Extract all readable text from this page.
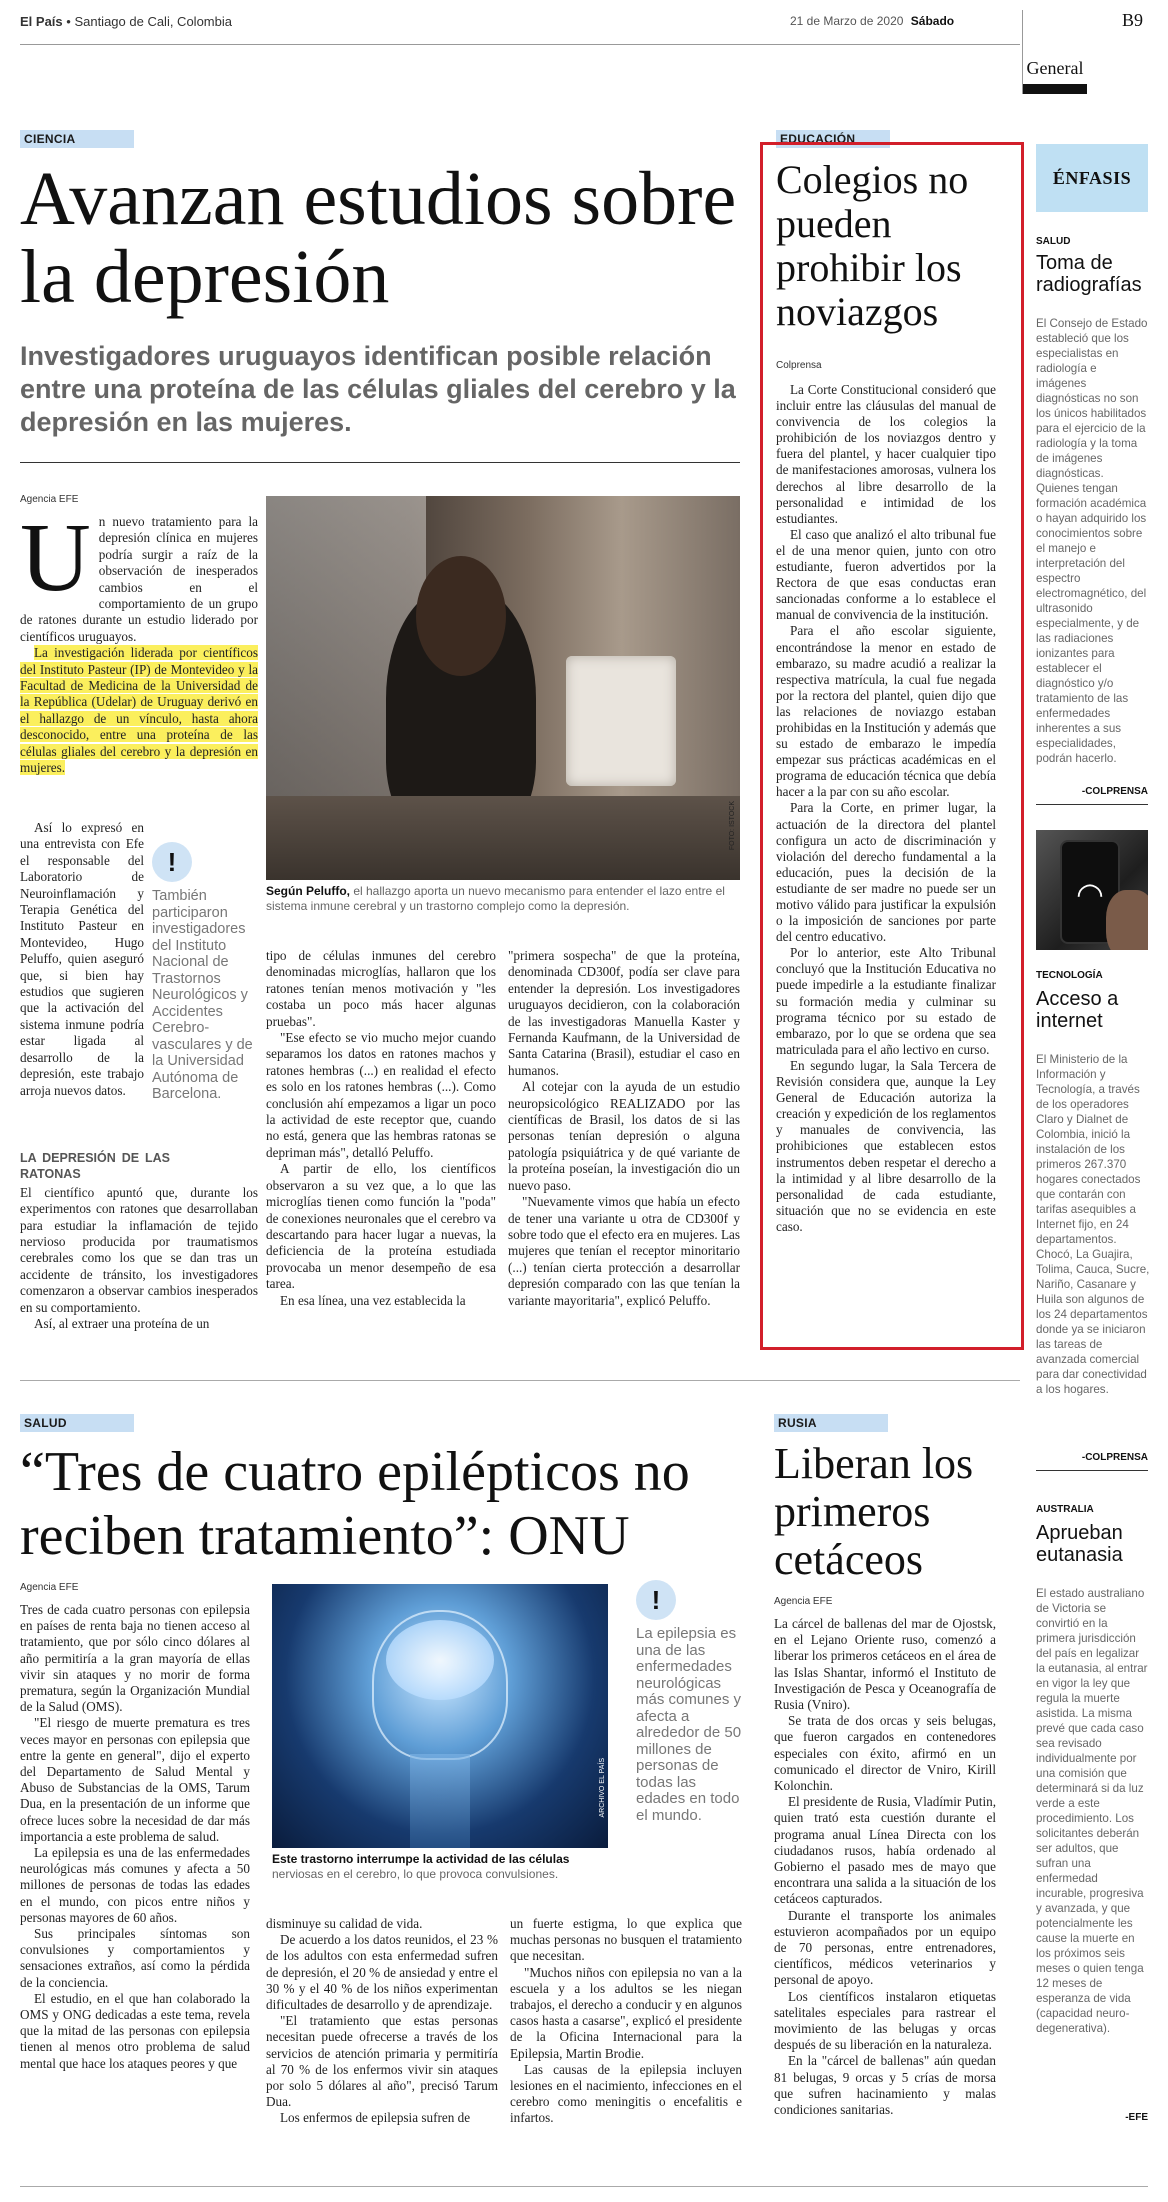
El País • Santiago de Cali, Colombia	21 de Marzo de 2020 Sábado	B9
General
CIENCIA
Avanzan estudios sobre la depresión
Investigadores uruguayos identifican posible relación entre una proteína de las células gliales del cerebro y la depresión en las mujeres.
Agencia EFE
U n nuevo tratamiento para la depresión clínica en mujeres podría surgir a raíz de la observación de inesperados cambios en el comportamiento de un grupo de ratones durante un estudio liderado por científicos uruguayos.

La investigación liderada por científicos del Instituto Pasteur (IP) de Montevideo y la Facultad de Medicina de la Universidad de la República (Udelar) de Uruguay derivó en el hallazgo de un vínculo, hasta ahora desconocido, entre una proteína de las células gliales del cerebro y la depresión en mujeres.

Así lo expresó en una entrevista con Efe el responsable del Laboratorio de Neuroinflamación y Terapia Genética del Instituto Pasteur en Montevideo, Hugo Peluffo, quien aseguró que, si bien hay estudios que sugieren que la activación del sistema inmune podría estar ligada al desarrollo de la depresión, este trabajo arroja nuevos datos.

!
También participaron investigadores del Instituto Nacional de Trastornos Neurológicos y Accidentes Cerebro-vasculares y de la Universidad Autónoma de Barcelona.
LA DEPRESIÓN DE LAS RATONAS

El científico apuntó que, durante los experimentos con ratones que desarrollaban para estudiar la inflamación de tejido nervioso producida por traumatismos cerebrales como los que se dan tras un accidente de tránsito, los investigadores comenzaron a observar cambios inesperados en su comportamiento.

Así, al extraer una proteína de un

FOTO: ISTOCK
Según Peluffo, el hallazgo aporta un nuevo mecanismo para entender el lazo entre el sistema inmune cerebral y un trastorno complejo como la depresión.

tipo de células inmunes del cerebro denominadas microglías, hallaron que los ratones tenían menos motivación y "les costaba un poco más hacer algunas pruebas".

"Ese efecto se vio mucho mejor cuando separamos los datos en ratones machos y ratones hembras (...) en realidad el efecto es solo en los ratones hembras (...). Como conclusión ahí empezamos a ligar un poco la actividad de este receptor que, cuando no está, genera que las hembras ratonas se depriman más", detalló Peluffo.

A partir de ello, los científicos observaron a su vez que, a lo que las microglías tienen como función la "poda" de conexiones neuronales que el cerebro va descartando para hacer lugar a nuevas, la deficiencia de la proteína estudiada provocaba un menor desempeño de esa tarea.

En esa línea, una vez establecida la

"primera sospecha" de que la proteína, denominada CD300f, podía ser clave para entender la depresión. Los investigadores uruguayos decidieron, con la colaboración de las investigadoras Manuella Kaster y Fernanda Kaufmann, de la Universidad de Santa Catarina (Brasil), estudiar el caso en humanos.

Al cotejar con la ayuda de un estudio neuropsicológico REALIZADO por las científicas de Brasil, los datos de si las personas tenían depresión o alguna patología psiquiátrica y de qué variante de la proteína poseían, la investigación dio un nuevo paso.

"Nuevamente vimos que había un efecto de tener una variante u otra de CD300f y sobre todo que el efecto era en mujeres. Las mujeres que tenían el receptor minoritario (...) tenían cierta protección a desarrollar depresión comparado con las que tenían la variante mayoritaria", explicó Peluffo.

EDUCACIÓN
Colegios no pueden prohibir los noviazgos
Colprensa

La Corte Constitucional consideró que incluir entre las cláusulas del manual de convivencia de los colegios la prohibición de los noviazgos dentro y fuera del plantel, y hacer cualquier tipo de manifestaciones amorosas, vulnera los derechos al libre desarrollo de la personalidad e intimidad de los estudiantes.

El caso que analizó el alto tribunal fue el de una menor quien, junto con otro estudiante, fueron advertidos por la Rectora de que esas conductas eran sancionadas conforme a lo establece el manual de convivencia de la institución.

Para el año escolar siguiente, encontrándose la menor en estado de embarazo, su madre acudió a realizar la respectiva matrícula, la cual fue negada por la rectora del plantel, quien dijo que las relaciones de noviazgo estaban prohibidas en la Institución y además que su estado de embarazo le impedía empezar sus prácticas académicas en el programa de educación técnica que debía hacer a la par con su año escolar.

Para la Corte, en primer lugar, la actuación de la directora del plantel configura un acto de discriminación y violación del derecho fundamental a la educación, pues la decisión de la estudiante de ser madre no puede ser un motivo válido para justificar la expulsión o la imposición de sanciones por parte del centro educativo.

Por lo anterior, este Alto Tribunal concluyó que la Institución Educativa no puede impedirle a la estudiante finalizar su formación media y culminar su programa técnico por su estado de embarazo, por lo que se ordena que sea matriculada para el año lectivo en curso.

En segundo lugar, la Sala Tercera de Revisión considera que, aunque la Ley General de Educación autoriza la creación y expedición de los reglamentos y manuales de convivencia, las prohibiciones que establecen estos instrumentos deben respetar el derecho a la intimidad y al libre desarrollo de la personalidad de cada estudiante, situación que no se evidencia en este caso.

ÉNFASIS
SALUD
Toma de radiografías
El Consejo de Estado estableció que los especialistas en radiología e imágenes diagnósticas no son los únicos habilitados para el ejercicio de la radiología y la toma de imágenes diagnósticas. Quienes tengan formación académica o hayan adquirido los conocimientos sobre el manejo e interpretación del espectro electromagnético, del ultrasonido especialmente, y de las radiaciones ionizantes para establecer el diagnóstico y/o tratamiento de las enfermedades inherentes a sus especialidades, podrán hacerlo.
-COLPRENSA
◠
TECNOLOGÍA
Acceso a internet
El Ministerio de la Información y Tecnología, a través de los operadores Claro y Dialnet de Colombia, inició la instalación de los primeros 267.370 hogares conectados que contarán con tarifas asequibles a Internet fijo, en 24 departamentos. Chocó, La Guajira, Tolima, Cauca, Sucre, Nariño, Casanare y Huila son algunos de los 24 departamentos donde ya se iniciaron las tareas de avanzada comercial para dar conectividad a los hogares.
-COLPRENSA
AUSTRALIA
Aprueban eutanasia
El estado australiano de Victoria se convirtió en la primera jurisdicción del país en legalizar la eutanasia, al entrar en vigor la ley que regula la muerte asistida. La misma prevé que cada caso sea revisado individualmente por una comisión que determinará si da luz verde a este procedimiento. Los solicitantes deberán ser adultos, que sufran una enfermedad incurable, progresiva y avanzada, y que potencialmente les cause la muerte en los próximos seis meses o quien tenga 12 meses de esperanza de vida (capacidad neuro-degenerativa).
-EFE
SALUD
“Tres de cuatro epilépticos no reciben tratamiento”: ONU
Agencia EFE

Tres de cada cuatro personas con epilepsia en países de renta baja no tienen acceso al tratamiento, que por sólo cinco dólares al año permitiría a la gran mayoría de ellas vivir sin ataques y no morir de forma prematura, según la Organización Mundial de la Salud (OMS).

"El riesgo de muerte prematura es tres veces mayor en personas con epilepsia que entre la gente en general", dijo el experto del Departamento de Salud Mental y Abuso de Substancias de la OMS, Tarum Dua, en la presentación de un informe que ofrece luces sobre la necesidad de dar más importancia a este problema de salud.

La epilepsia es una de las enfermedades neurológicas más comunes y afecta a 50 millones de personas de todas las edades en el mundo, con picos entre niños y personas mayores de 60 años.

Sus principales síntomas son convulsiones y comportamientos y sensaciones extraños, así como la pérdida de la conciencia.

El estudio, en el que han colaborado la OMS y ONG dedicadas a este tema, revela que la mitad de las personas con epilepsia tienen al menos otro problema de salud mental que hace los ataques peores y que

ARCHIVO EL PAÍS
Este trastorno interrumpe la actividad de las células
nerviosas en el cerebro, lo que provoca convulsiones.
!
La epilepsia es una de las enfermedades neurológicas más comunes y afecta a alrededor de 50 millones de personas de todas las edades en todo el mundo.

disminuye su calidad de vida.

De acuerdo a los datos reunidos, el 23 % de los adultos con esta enfermedad sufren de depresión, el 20 % de ansiedad y entre el 30 % y el 40 % de los niños experimentan dificultades de desarrollo y de aprendizaje.

"El tratamiento que estas personas necesitan puede ofrecerse a través de los servicios de atención primaria y permitiría al 70 % de los enfermos vivir sin ataques por solo 5 dólares al año", precisó Tarum Dua.

Los enfermos de epilepsia sufren de

un fuerte estigma, lo que explica que muchas personas no busquen el tratamiento que necesitan.

"Muchos niños con epilepsia no van a la escuela y a los adultos se les niegan trabajos, el derecho a conducir y en algunos casos hasta a casarse", explicó el presidente de la Oficina Internacional para la Epilepsia, Martin Brodie.

Las causas de la epilepsia incluyen lesiones en el nacimiento, infecciones en el cerebro como meningitis o encefalitis e infartos.

RUSIA
Liberan los primeros cetáceos
Agencia EFE

La cárcel de ballenas del mar de Ojostsk, en el Lejano Oriente ruso, comenzó a liberar los primeros cetáceos en el área de las Islas Shantar, informó el Instituto de Investigación de Pesca y Oceanografía de Rusia (Vniro).

Se trata de dos orcas y seis belugas, que fueron cargados en contenedores especiales con éxito, afirmó en un comunicado el director de Vniro, Kirill Kolonchin.

El presidente de Rusia, Vladímir Putin, quien trató esta cuestión durante el programa anual Línea Directa con los ciudadanos rusos, había ordenado al Gobierno el pasado mes de mayo que encontrara una salida a la situación de los cetáceos capturados.

Durante el transporte los animales estuvieron acompañados por un equipo de 70 personas, entre entrenadores, científicos, médicos veterinarios y personal de apoyo.

Los científicos instalaron etiquetas satelitales especiales para rastrear el movimiento de las belugas y orcas después de su liberación en la naturaleza.

En la "cárcel de ballenas" aún quedan 81 belugas, 9 orcas y 5 crías de morsa que sufren hacinamiento y malas condiciones sanitarias.
